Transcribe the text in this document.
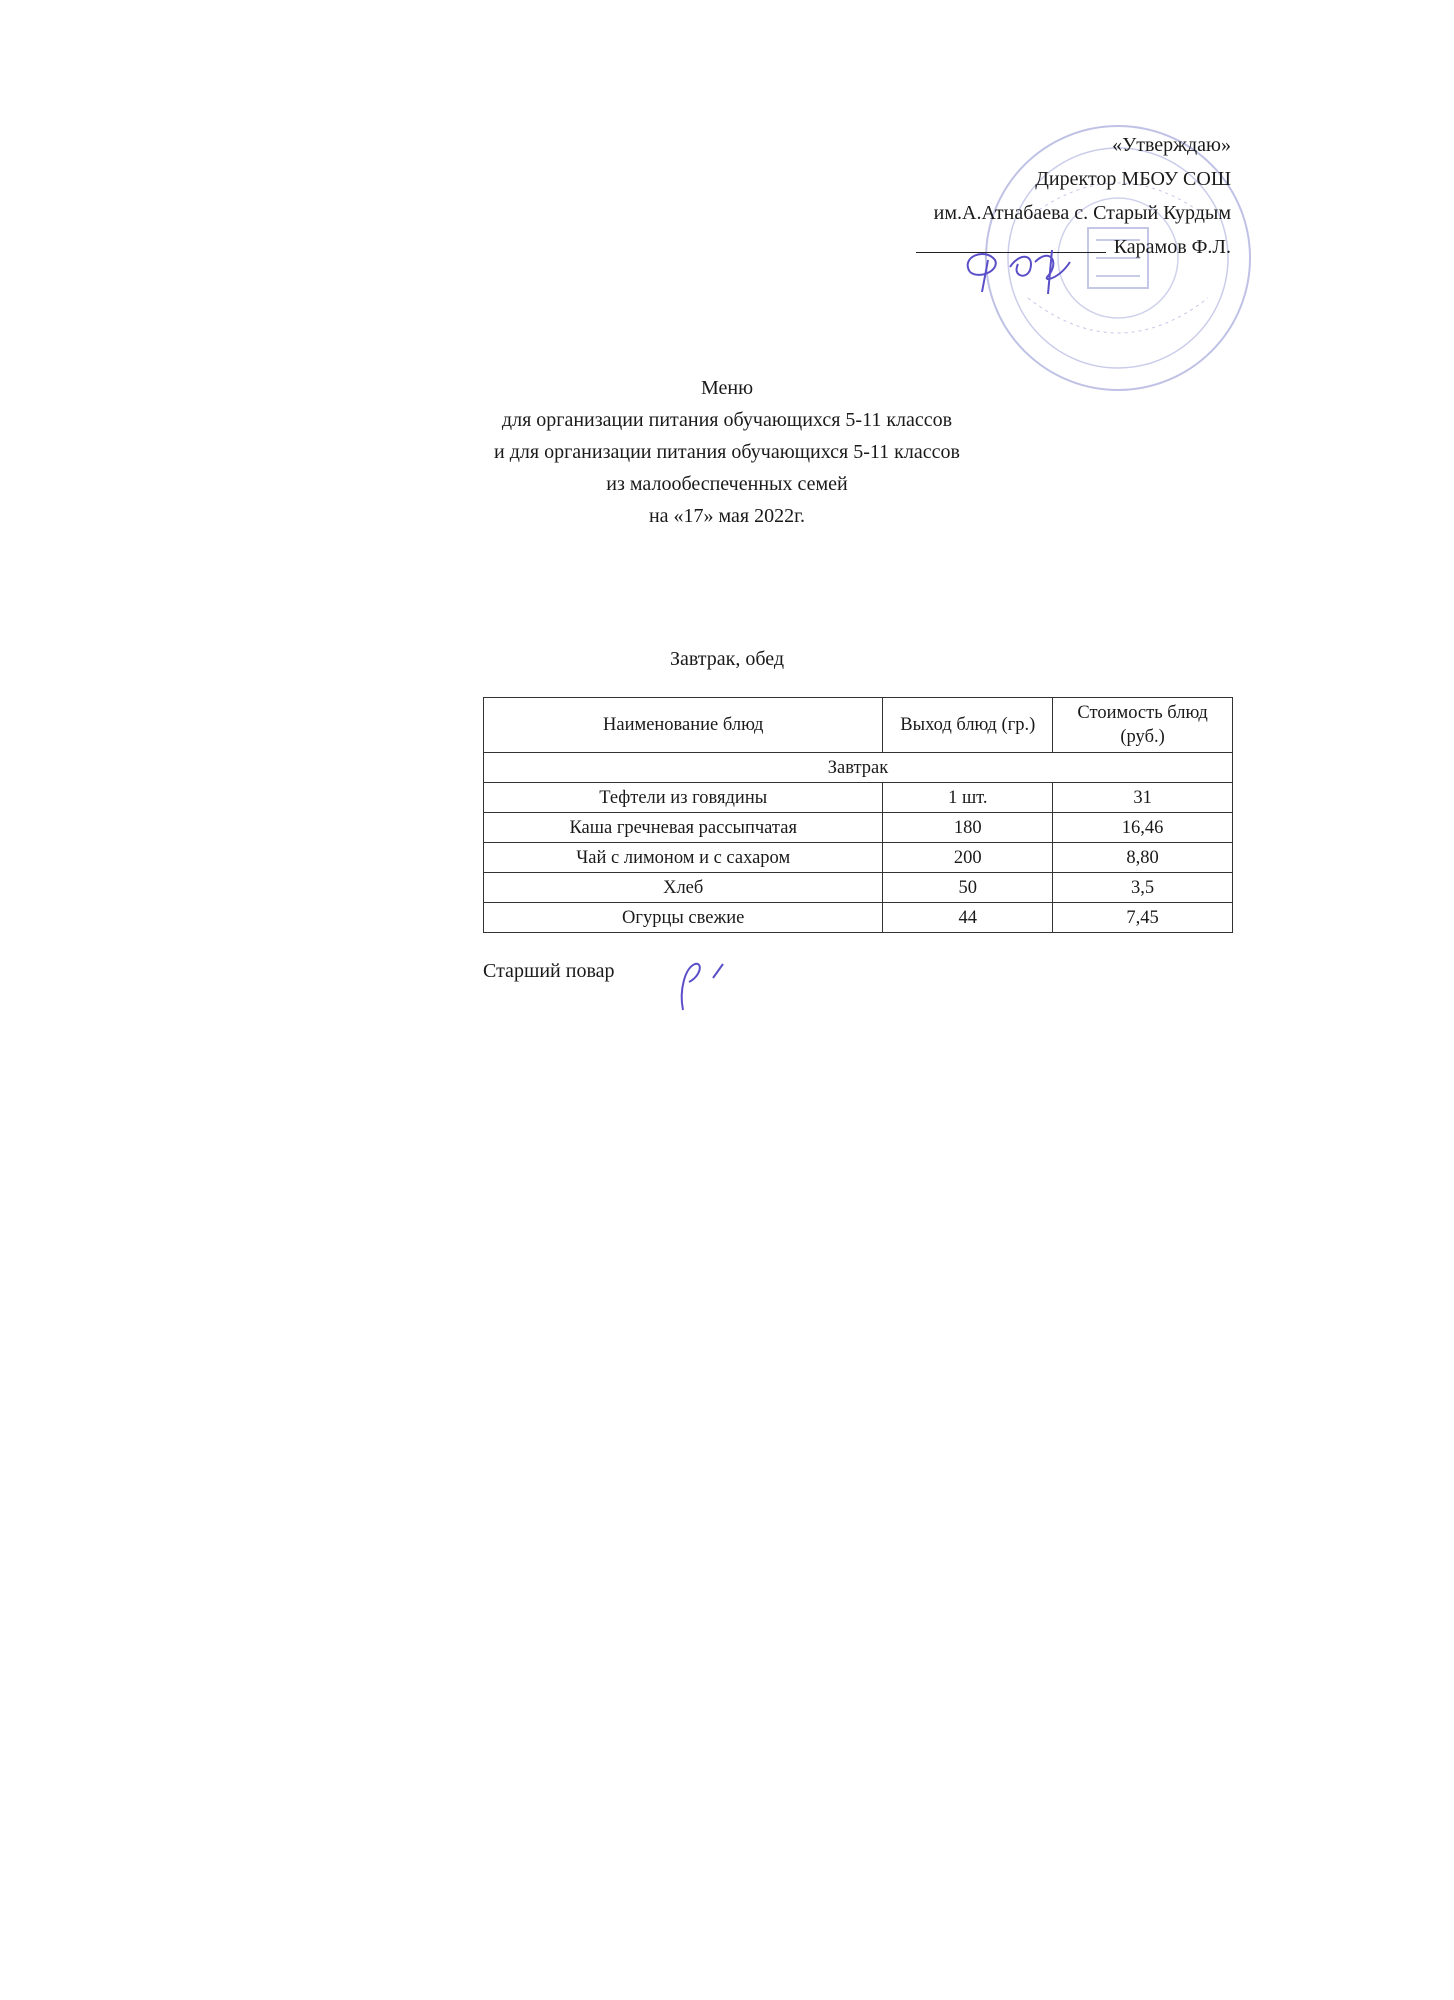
«Утверждаю»
Директор МБОУ СОШ
им.А.Атнабаева с. Старый Курдым
Карамов Ф.Л.
Меню
для организации питания обучающихся 5-11 классов
и для организации питания обучающихся 5-11 классов
из малообеспеченных семей
на «17» мая 2022г.
Завтрак, обед
Наименование блюд	Выход блюд (гр.)	Стоимость блюд (руб.)
Завтрак		
Тефтели из говядины	1 шт.	31
Каша гречневая рассыпчатая	180	16,46
Чай с лимоном и с сахаром	200	8,80
Хлеб	50	3,5
Огурцы свежие	44	7,45
Старший повар
